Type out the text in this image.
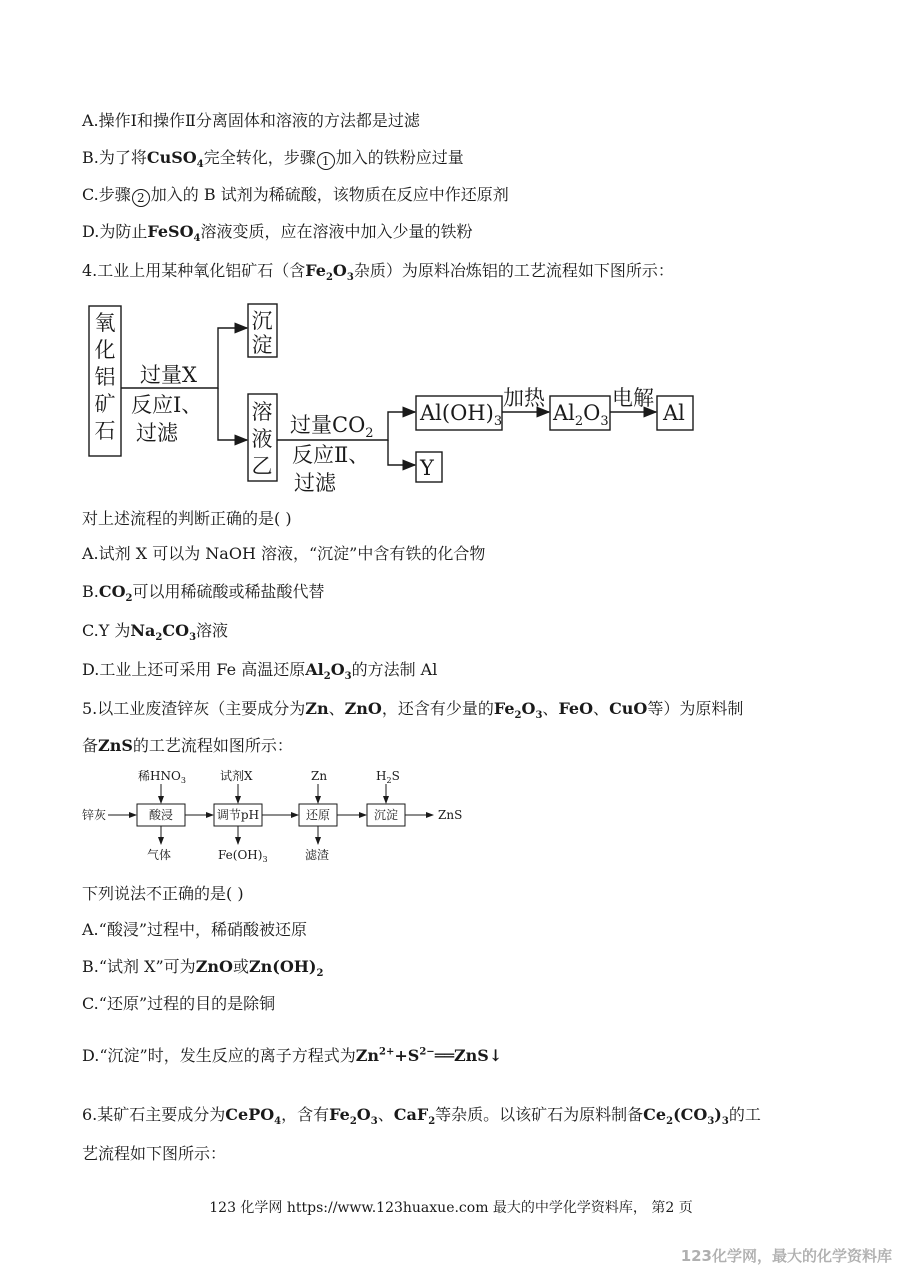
A.操作Ⅰ和操作Ⅱ分离固体和溶液的方法都是过滤
B.为了将CuSO$_4$完全转化，步骤 1 加入的铁粉应过量
C.步骤 2 加入的 B 试剂为稀硫酸，该物质在反应中作还原剂
D.为防止FeSO$_4$溶液变质，应在溶液中加入少量的铁粉
4.工业上用某种氧化铝矿石（含$Fe_2O_3$杂质）为原料冶炼铝的工艺流程如下图所示：
氧
化
铝
矿
石
沉
淀
溶
液
乙
过量X
反应Ⅰ、
过滤	过量$CO_2$
反应Ⅱ、
过滤
$Al(OH)_3$
加热
$Al_2O_3$
电解
Al
Y
对上述流程的判断正确的是( )
A.试剂 X 可以为 NaOH 溶液，“沉淀”中含有铁的化合物
$B.CO_2$可以用稀硫酸或稀盐酸代替
C.Y 为$Na_2CO_3$溶液
D.工业上还可采用 Fe 高温还原$Al_2O_3$的方法制 Al
5.以工业废渣锌灰（主要成分为Zn、ZnO，还含有少量的$Fe_2O_3$、FeO、CuO等）为原料制
备ZnS的工艺流程如图所示：
锌灰
稀$HNO_3$	试剂X	Zn	$H_2S$
酸浸	调节pH	还原	沉淀	ZnS
气体	$Fe(OH)_3$	滤渣
下列说法不正确的是( )
A.“酸浸”过程中，稀硝酸被还原
B.“试剂 X”可为ZnO或$Zn(OH)_2$
C.“还原”过程的目的是除铜
D.“沉淀”时，发生反应的离子方程式为$Zn^{2+}+S^{2-}══ZnS↓$
6.某矿石主要成分为CePO$_4$，含有$Fe_2O_3$、CaF$_2$等杂质。以该矿石为原料制备$Ce_2(CO_3)_3$的工
艺流程如下图所示：
123 化学网 https://www.123huaxue.com 最大的中学化学资料库， 第2 页
123化学网，最大的化学资料库
